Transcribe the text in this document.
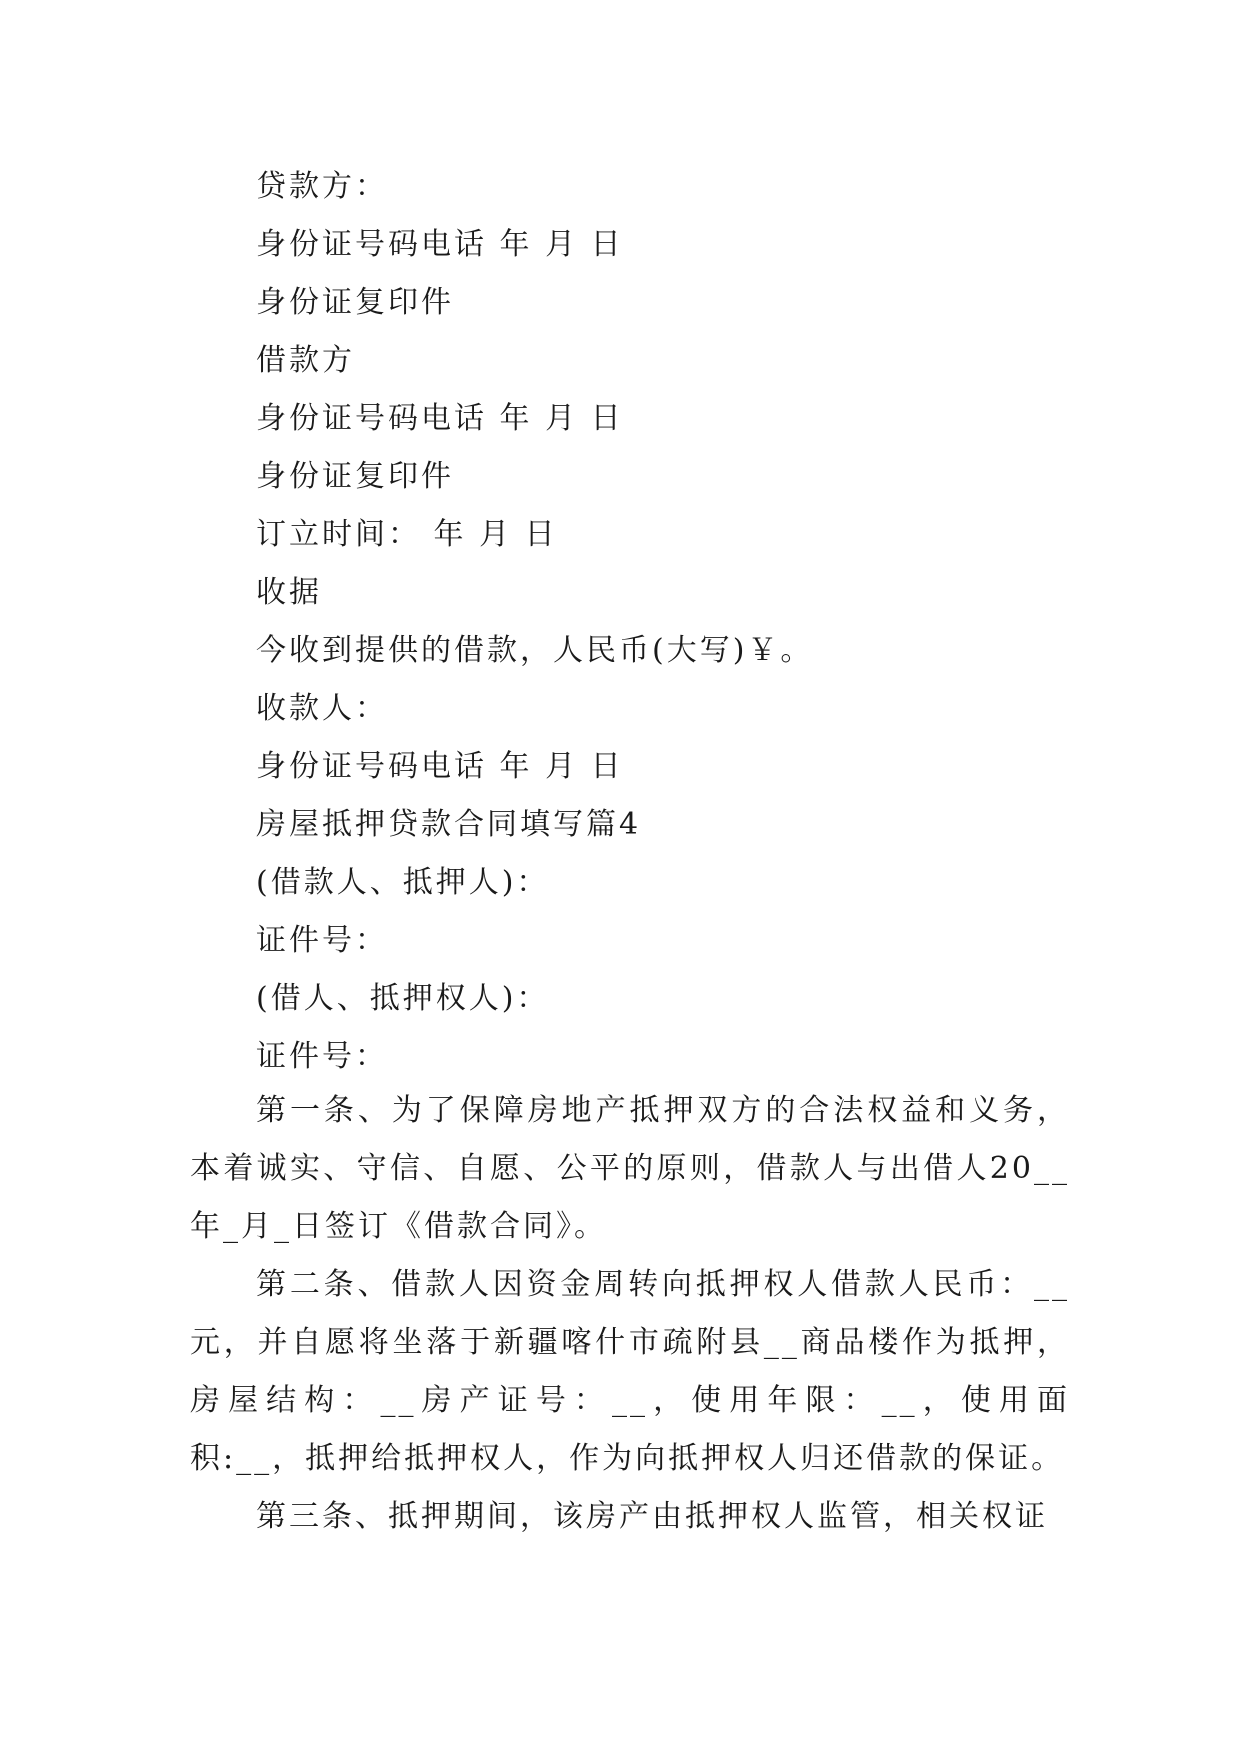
贷款方：
身份证号码电话 年 月 日
身份证复印件
借款方
身份证号码电话 年 月 日
身份证复印件
订立时间： 年 月 日
收据
今收到提供的借款，人民币(大写)￥。
收款人：
身份证号码电话 年 月 日
房屋抵押贷款合同填写篇4
(借款人、抵押人)：
证件号：
(借人、抵押权人)：
证件号：

第一条、为了保障房地产抵押双方的合法权益和义务，本着诚实、守信、自愿、公平的原则，借款人与出借人20__年_月_日签订《借款合同》。

第二条、借款人因资金周转向抵押权人借款人民币：__元，并自愿将坐落于新疆喀什市疏附县__商品楼作为抵押，房屋结构：__房产证号：__，使用年限：__，使用面积:__，抵押给抵押权人，作为向抵押权人归还借款的保证。

第三条、抵押期间，该房产由抵押权人监管，相关权证
